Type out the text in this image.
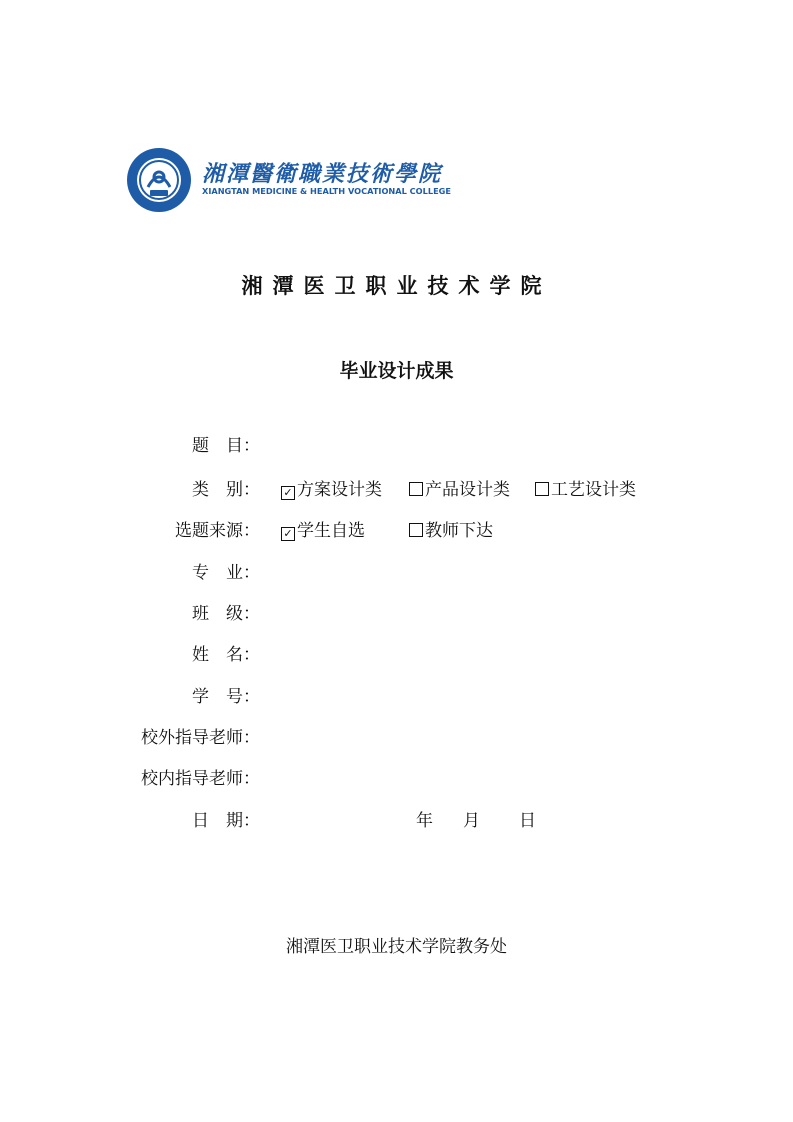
湘潭醫衛職業技術學院
XIANGTAN MEDICINE & HEALTH VOCATIONAL COLLEGE
湘潭医卫职业技术学院
毕业设计成果
题　目：
类　别： ✓ 方案设计类	产品设计类	工艺设计类
选题来源： ✓ 学生自选	教师下达
专　业：
班　级：
姓　名：
学　号：
校外指导老师：
校内指导老师：
日　期：	年 月 日
湘潭医卫职业技术学院教务处
